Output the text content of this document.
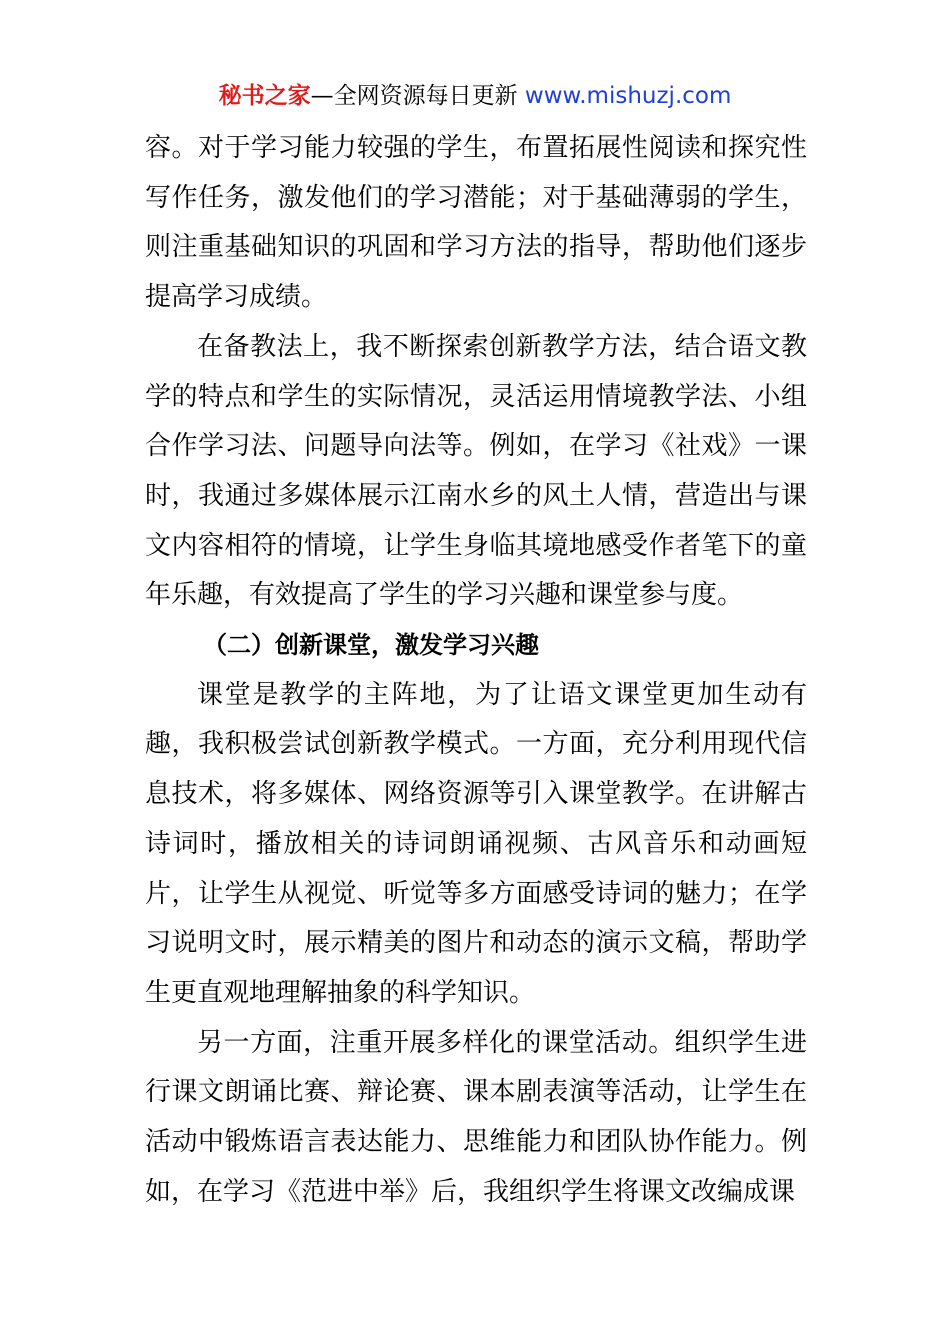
秘书之家—全网资源每日更新 www.mishuzj.com

容。对于学习能力较强的学生，布置拓展性阅读和探究性写作任务，激发他们的学习潜能；对于基础薄弱的学生，则注重基础知识的巩固和学习方法的指导，帮助他们逐步提高学习成绩。

在备教法上，我不断探索创新教学方法，结合语文教学的特点和学生的实际情况，灵活运用情境教学法、小组合作学习法、问题导向法等。例如，在学习《社戏》一课时，我通过多媒体展示江南水乡的风土人情，营造出与课文内容相符的情境，让学生身临其境地感受作者笔下的童年乐趣，有效提高了学生的学习兴趣和课堂参与度。

（二）创新课堂，激发学习兴趣

课堂是教学的主阵地，为了让语文课堂更加生动有趣，我积极尝试创新教学模式。一方面，充分利用现代信息技术，将多媒体、网络资源等引入课堂教学。在讲解古诗词时，播放相关的诗词朗诵视频、古风音乐和动画短片，让学生从视觉、听觉等多方面感受诗词的魅力；在学习说明文时，展示精美的图片和动态的演示文稿，帮助学生更直观地理解抽象的科学知识。

另一方面，注重开展多样化的课堂活动。组织学生进行课文朗诵比赛、辩论赛、课本剧表演等活动，让学生在活动中锻炼语言表达能力、思维能力和团队协作能力。例如，在学习《范进中举》后，我组织学生将课文改编成课
